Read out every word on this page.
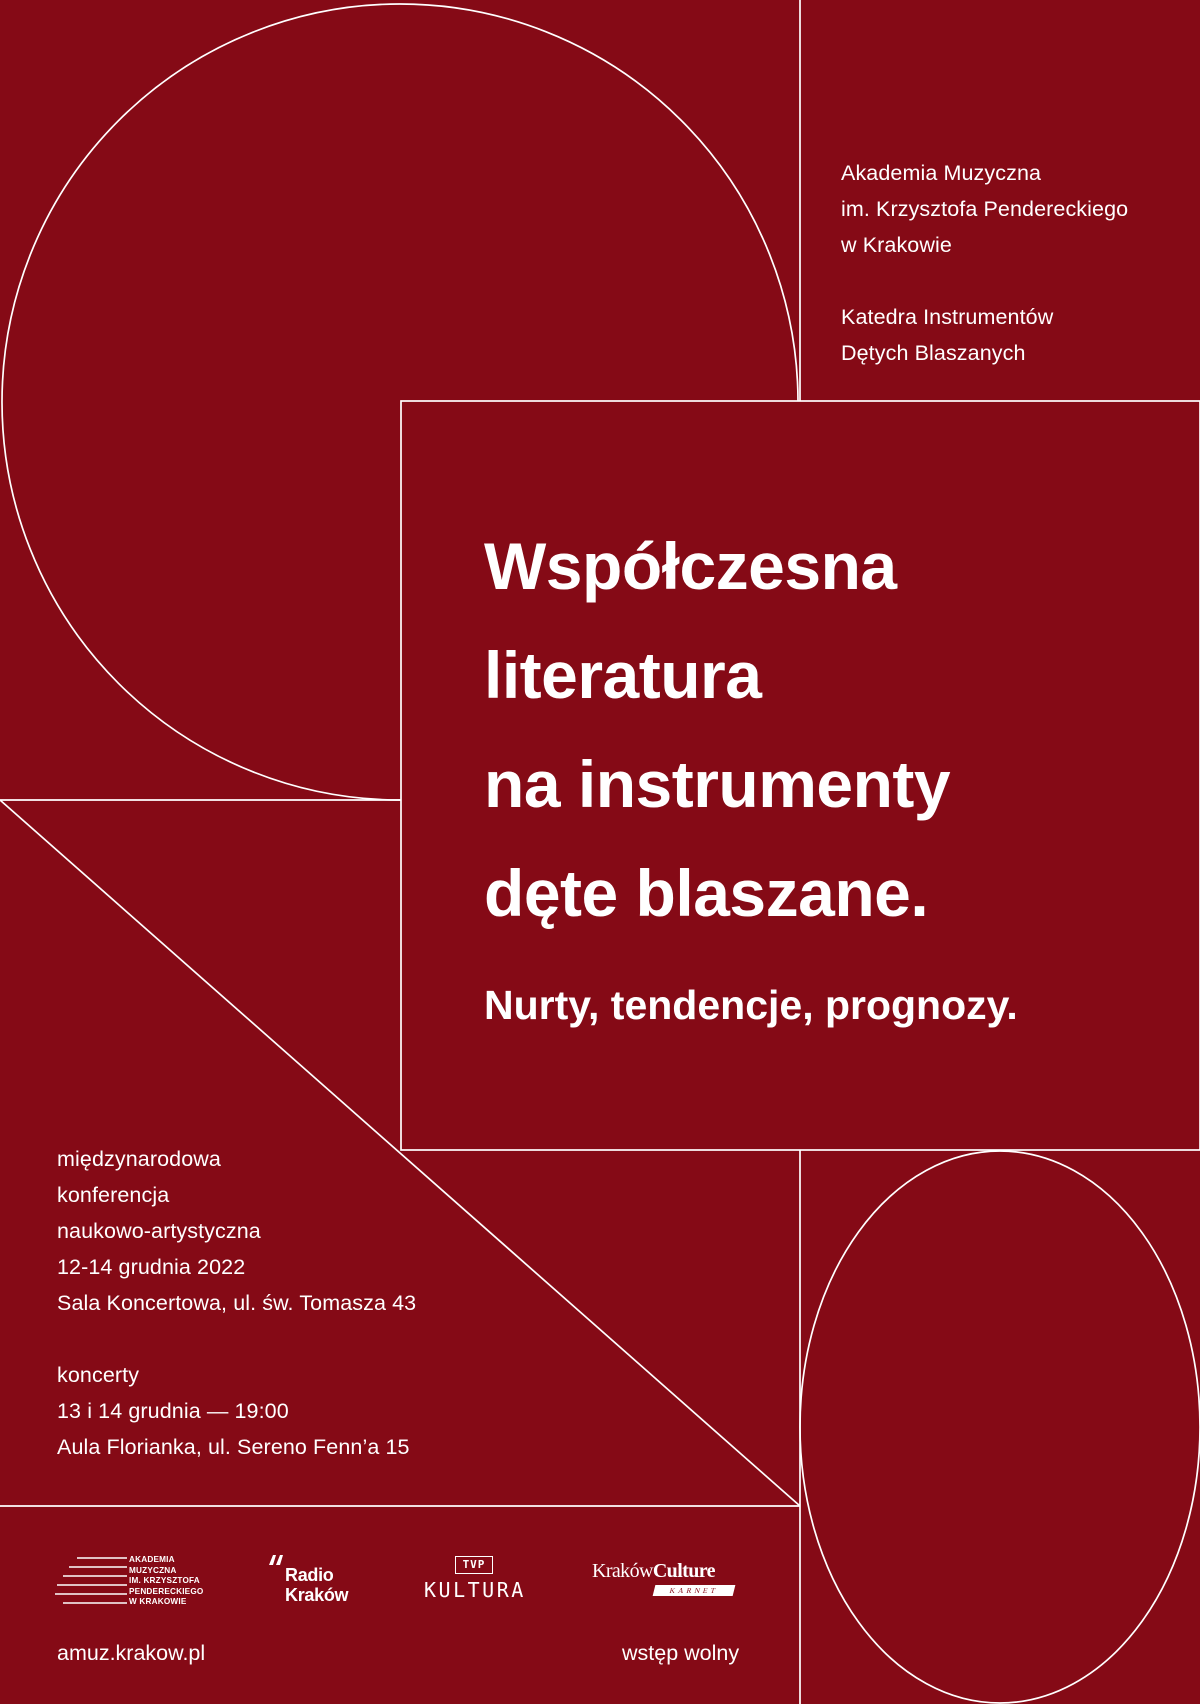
Akademia Muzyczna
im. Krzysztofa Pendereckiego
w Krakowie
Katedra Instrumentów
Dętych Blaszanych
Współczesna
literatura
na instrumenty
dęte blaszane.
Nurty, tendencje, prognozy.
międzynarodowa
konferencja
naukowo-artystyczna
12-14 grudnia 2022
Sala Koncertowa, ul. św. Tomasza 43
koncerty
13 i 14 grudnia — 19:00
Aula Florianka, ul. Sereno Fenn’a 15
AKADEMIA
MUZYCZNA
IM. KRZYSZTOFA
PENDERECKIEGO
W KRAKOWIE
Radio
Kraków
TVP
KULTURA
KrakówCulture
KARNET
amuz.krakow.pl	wstęp wolny
